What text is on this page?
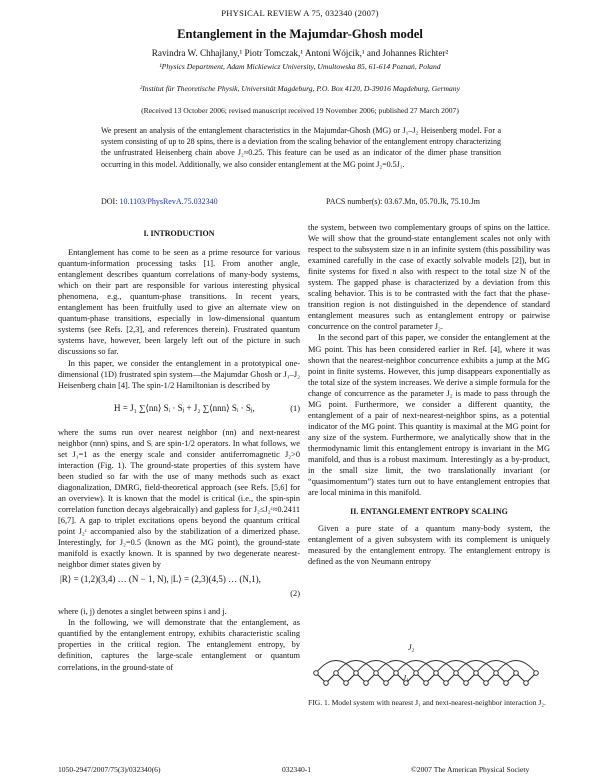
PHYSICAL REVIEW A 75, 032340 (2007)
Entanglement in the Majumdar-Ghosh model
Ravindra W. Chhajlany,¹ Piotr Tomczak,¹ Antoni Wójcik,¹ and Johannes Richter²
¹Physics Department, Adam Mickiewicz University, Umultowska 85, 61-614 Poznań, Poland
²Institut für Theoretische Physik, Universität Magdeburg, P.O. Box 4120, D-39016 Magdeburg, Germany
(Received 13 October 2006; revised manuscript received 19 November 2006; published 27 March 2007)
We present an analysis of the entanglement characteristics in the Majumdar-Ghosh (MG) or J₁–J₂ Heisenberg model. For a system consisting of up to 28 spins, there is a deviation from the scaling behavior of the entanglement entropy characterizing the unfrustrated Heisenberg chain above J₂≈0.25. This feature can be used as an indicator of the dimer phase transition occurring in this model. Additionally, we also consider entanglement at the MG point J₂=0.5J₁.
DOI: 10.1103/PhysRevA.75.032340	PACS number(s): 03.67.Mn, 05.70.Jk, 75.10.Jm
I. INTRODUCTION

Entanglement has come to be seen as a prime resource for various quantum-information processing tasks [1]. From another angle, entanglement describes quantum correlations of many-body systems, which on their part are responsible for various interesting physical phenomena, e.g., quantum-phase transitions. In recent years, entanglement has been fruitfully used to give an alternate view on quantum-phase transitions, especially in low-dimensional quantum systems (see Refs. [2,3], and references therein). Frustrated quantum systems have, however, been largely left out of the picture in such discussions so far.

In this paper, we consider the entanglement in a prototypical one-dimensional (1D) frustrated spin system—the Majumdar Ghosh or J₁–J₂ Heisenberg chain [4]. The spin-1/2 Hamiltonian is described by

H = J₁ ∑⟨nn⟩ Sᵢ · Sⱼ + J₂ ∑⟨nnn⟩ Sᵢ · Sⱼ,	(1)

where the sums run over nearest neighbor (nn) and next-nearest neighbor (nnn) spins, and Sᵢ are spin-1/2 operators. In what follows, we set J₁=1 as the energy scale and consider antiferromagnetic J₂>0 interaction (Fig. 1). The ground-state properties of this system have been studied so far with the use of many methods such as exact diagonalization, DMRG, field-theoretical approach (see Refs. [5,6] for an overview). It is known that the model is critical (i.e., the spin-spin correlation function decays algebraically) and gapless for J₂≤J₂ᶜ≈0.2411 [6,7]. A gap to triplet excitations opens beyond the quantum critical point J₂ᶜ accompanied also by the stabilization of a dimerized phase. Interestingly, for J₂=0.5 (known as the MG point), the ground-state manifold is exactly known. It is spanned by two degenerate nearest-neighbor dimer states given by

|R⟩ = (1,2)(3,4) … (N − 1, N), |L⟩ = (2,3)(4,5) … (N,1),
(2)

where (i, j) denotes a singlet between spins i and j.

In the following, we will demonstrate that the entanglement, as quantified by the entanglement entropy, exhibits characteristic scaling properties in the critical region. The entanglement entropy, by definition, captures the large-scale entanglement or quantum correlations, in the ground-state of

the system, between two complementary groups of spins on the lattice. We will show that the ground-state entanglement scales not only with respect to the subsystem size n in an infinite system (this possibility was examined carefully in the case of exactly solvable models [2]), but in finite systems for fixed n also with respect to the total size N of the system. The gapped phase is characterized by a deviation from this scaling behavior. This is to be contrasted with the fact that the phase-transition region is not distinguished in the dependence of standard entanglement measures such as entanglement entropy or pairwise concurrence on the control parameter J₂.

In the second part of this paper, we consider the entanglement at the MG point. This has been considered earlier in Ref. [4], where it was shown that the nearest-neighbor concurrence exhibits a jump at the MG point in finite systems. However, this jump disappears exponentially as the total size of the system increases. We derive a simple formula for the change of concurrence as the parameter J₂ is made to pass through the MG point. Furthermore, we consider a different quantity, the entanglement of a pair of next-nearest-neighbor spins, as a potential indicator of the MG point. This quantity is maximal at the MG point for any size of the system. Furthermore, we analytically show that in the thermodynamic limit this entanglement entropy is invariant in the MG manifold, and thus is a robust maximum. Interestingly as a by-product, in the small size limit, the two translationally invariant (or “quasimomentum”) states turn out to have entanglement entropies that are local minima in this manifold.

II. ENTANGLEMENT ENTROPY SCALING

Given a pure state of a quantum many-body system, the entanglement of a given subsystem with its complement is uniquely measured by the entanglement entropy. The entanglement entropy is defined as the von Neumann entropy

J₂
J₁
FIG. 1. Model system with nearest J₁ and next-nearest-neighbor interaction J₂.
1050-2947/2007/75(3)/032340(6)	032340-1	©2007 The American Physical Society
